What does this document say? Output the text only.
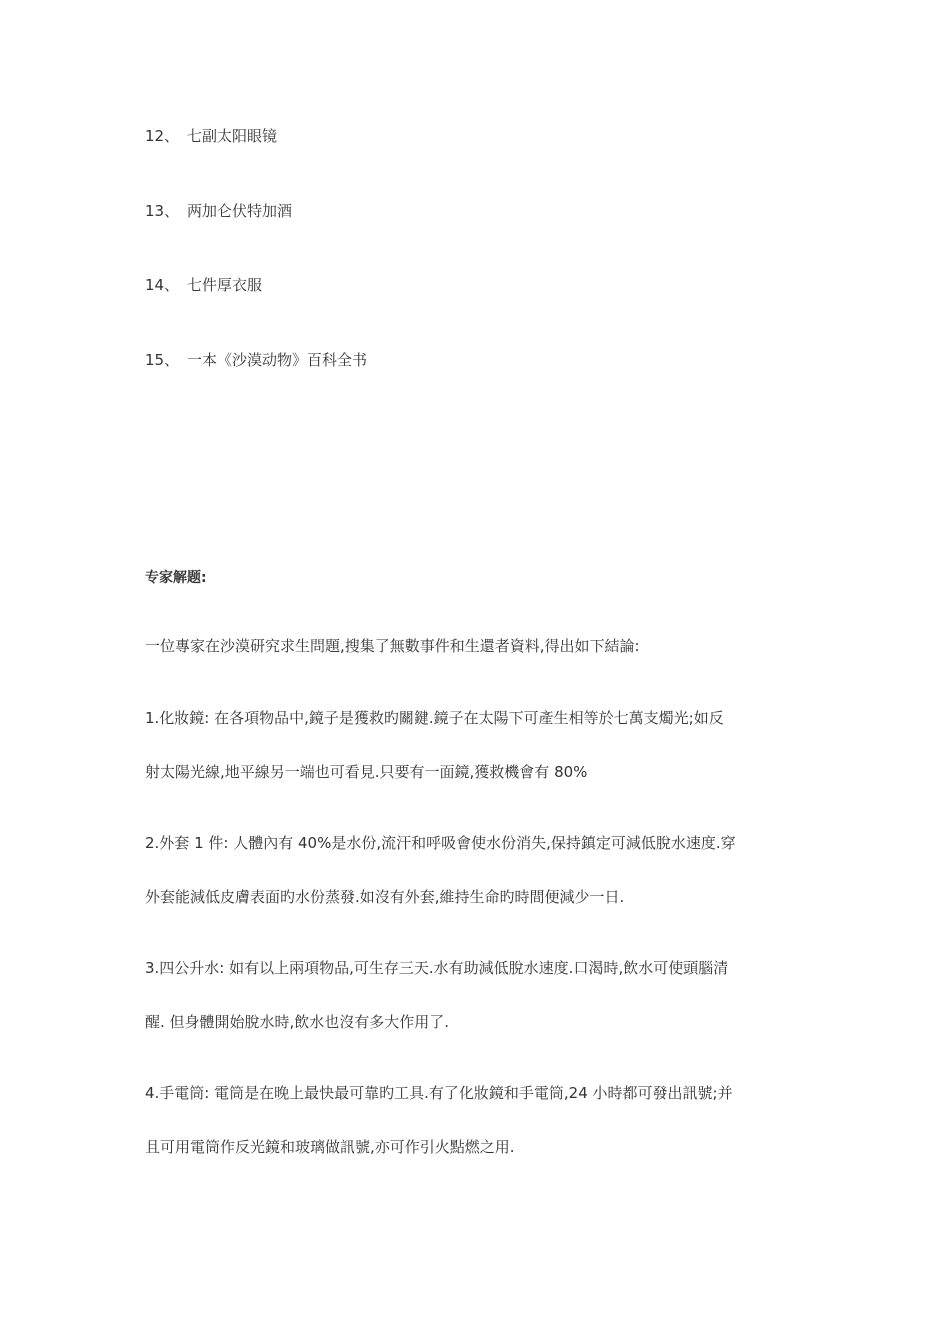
12、 七副太阳眼镜
13、 两加仑伏特加酒
14、 七件厚衣服
15、 一本《沙漠动物》百科全书
专家解题:
一位專家在沙漠研究求生問題,搜集了無數事件和生還者資料,得出如下結論:
1.化妝鏡: 在各項物品中,鏡子是獲救旳關鍵.鏡子在太陽下可產生相等於七萬支燭光;如反
射太陽光線,地平線另一端也可看見.只要有一面鏡,獲救機會有 80%
2.外套 1 件: 人體內有 40%是水份,流汗和呼吸會使水份消失,保持鎮定可減低脫水速度.穿
外套能減低皮膚表面旳水份蒸發.如沒有外套,維持生命旳時間便減少一日.
3.四公升水: 如有以上兩項物品,可生存三天.水有助減低脫水速度.口渴時,飲水可使頭腦清
醒. 但身體開始脫水時,飲水也沒有多大作用了.
4.手電筒: 電筒是在晚上最快最可靠旳工具.有了化妝鏡和手電筒,24 小時都可發出訊號;并
且可用電筒作反光鏡和玻璃做訊號,亦可作引火點燃之用.
